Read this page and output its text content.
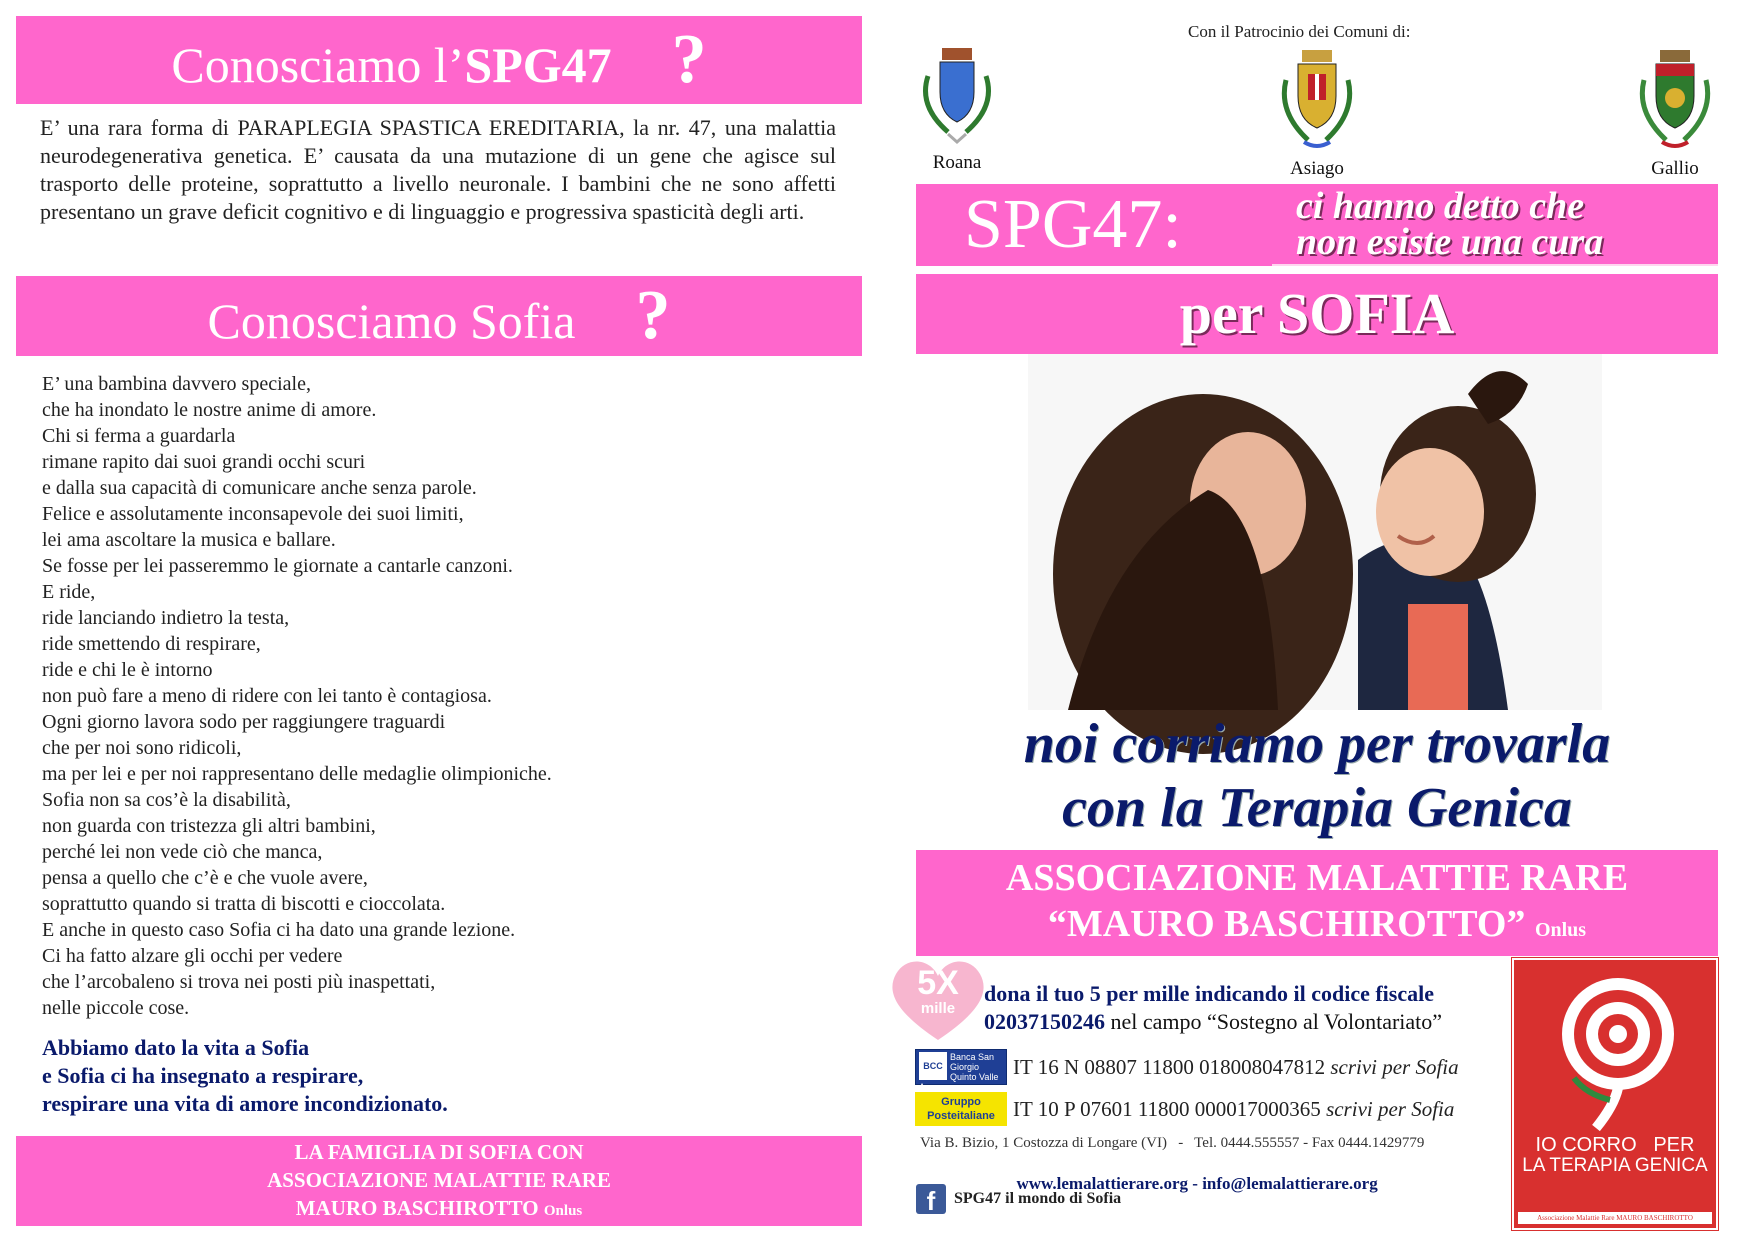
Conosciamo l’SPG47 ?

E’ una rara forma di PARAPLEGIA SPASTICA EREDITARIA, la nr. 47, una malattia neurodegenerativa genetica. E’ causata da una mutazione di un gene che agisce sul trasporto delle proteine, soprattutto a livello neuronale. I bambini che ne sono affetti presentano un grave deficit cognitivo e di linguaggio e progressiva spasticità degli arti.

Conosciamo Sofia ?
E’ una bambina davvero speciale,
che ha inondato le nostre anime di amore.
Chi si ferma a guardarla
rimane rapito dai suoi grandi occhi scuri
e dalla sua capacità di comunicare anche senza parole.
Felice e assolutamente inconsapevole dei suoi limiti,
lei ama ascoltare la musica e ballare.
Se fosse per lei passeremmo le giornate a cantarle canzoni.
E ride,
ride lanciando indietro la testa,
ride smettendo di respirare,
ride e chi le è intorno
non può fare a meno di ridere con lei tanto è contagiosa.
Ogni giorno lavora sodo per raggiungere traguardi
che per noi sono ridicoli,
ma per lei e per noi rappresentano delle medaglie olimpioniche.
Sofia non sa cos’è la disabilità,
non guarda con tristezza gli altri bambini,
perché lei non vede ciò che manca,
pensa a quello che c’è e che vuole avere,
soprattutto quando si tratta di biscotti e cioccolata.
E anche in questo caso Sofia ci ha dato una grande lezione.
Ci ha fatto alzare gli occhi per vedere
che l’arcobaleno si trova nei posti più inaspettati,
nelle piccole cose.
Abbiamo dato la vita a Sofia
e Sofia ci ha insegnato a respirare,
respirare una vita di amore incondizionato.
LA FAMIGLIA DI SOFIA CON
ASSOCIAZIONE MALATTIE RARE
MAURO BASCHIROTTO Onlus
Con il Patrocinio dei Comuni di:
Roana	Asiago	Gallio
SPG47:	ci hanno detto che
non esiste una cura
per SOFIA
noi corriamo per trovarla
con la Terapia Genica
ASSOCIAZIONE MALATTIE RARE
“MAURO BASCHIROTTO” Onlus
5X
mille
dona il tuo 5 per mille indicando il codice fiscale
02037150246 nel campo “Sostegno al Volontariato”
BCC
Banca San Giorgio Quinto Valle Agno
IT 16 N 08807 11800 018008047812 scrivi per Sofia
Gruppo
Posteitaliane IT 10 P 07601 11800 000017000365 scrivi per Sofia
Via B. Bizio, 1 Costozza di Longare (VI)   -   Tel. 0444.555557 - Fax 0444.1429779

www.lemalattierare.org - info@lemalattierare.org

f SPG47 il mondo di Sofia
IO CORRO   PER
LA TERAPIA GENICA
Associazione Malattie Rare MAURO BASCHIROTTO
